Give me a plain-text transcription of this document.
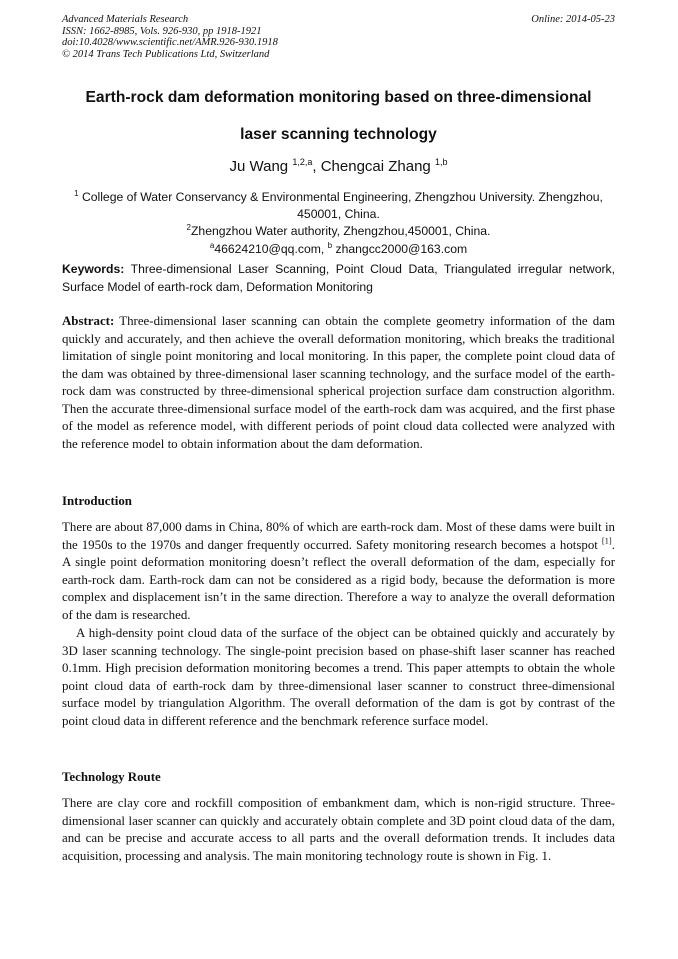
Advanced Materials Research
ISSN: 1662-8985, Vols. 926-930, pp 1918-1921
doi:10.4028/www.scientific.net/AMR.926-930.1918
© 2014 Trans Tech Publications Ltd, Switzerland
Online: 2014-05-23
Earth-rock dam deformation monitoring based on three-dimensional
laser scanning technology
Ju Wang $^{1,2,a}$, Chengcai Zhang $^{1,b}$
$^1$ College of Water Conservancy & Environmental Engineering, Zhengzhou University. Zhengzhou,
450001, China.
$^2$Zhengzhou Water authority, Zhengzhou,450001, China.
$^a$46624210@qq.com, $^b$ zhangcc2000@163.com
Keywords: Three-dimensional Laser Scanning, Point Cloud Data, Triangulated irregular network, Surface Model of earth-rock dam, Deformation Monitoring
Abstract: Three-dimensional laser scanning can obtain the complete geometry information of the dam quickly and accurately, and then achieve the overall deformation monitoring, which breaks the traditional limitation of single point monitoring and local monitoring. In this paper, the complete point cloud data of the dam was obtained by three-dimensional laser scanning technology, and the surface model of the earth-rock dam was constructed by three-dimensional spherical projection surface dam construction algorithm. Then the accurate three-dimensional surface model of the earth-rock dam was acquired, and the first phase of the model as reference model, with different periods of point cloud data collected were analyzed with the reference model to obtain information about the dam deformation.
Introduction
There are about 87,000 dams in China, 80% of which are earth-rock dam. Most of these dams were built in the 1950s to the 1970s and danger frequently occurred. Safety monitoring research becomes a hotspot [1]. A single point deformation monitoring doesn’t reflect the overall deformation of the dam, especially for earth-rock dam. Earth-rock dam can not be considered as a rigid body, because the deformation is more complex and displacement isn’t in the same direction. Therefore a way to analyze the overall deformation of the dam is researched.
A high-density point cloud data of the surface of the object can be obtained quickly and accurately by 3D laser scanning technology. The single-point precision based on phase-shift laser scanner has reached 0.1mm. High precision deformation monitoring becomes a trend. This paper attempts to obtain the whole point cloud data of earth-rock dam by three-dimensional laser scanner to construct three-dimensional surface model by triangulation Algorithm. The overall deformation of the dam is got by contrast of the point cloud data in different reference and the benchmark reference surface model.
Technology Route
There are clay core and rockfill composition of embankment dam, which is non-rigid structure. Three-dimensional laser scanner can quickly and accurately obtain complete and 3D point cloud data of the dam, and can be precise and accurate access to all parts and the overall deformation trends. It includes data acquisition, processing and analysis. The main monitoring technology route is shown in Fig. 1.
